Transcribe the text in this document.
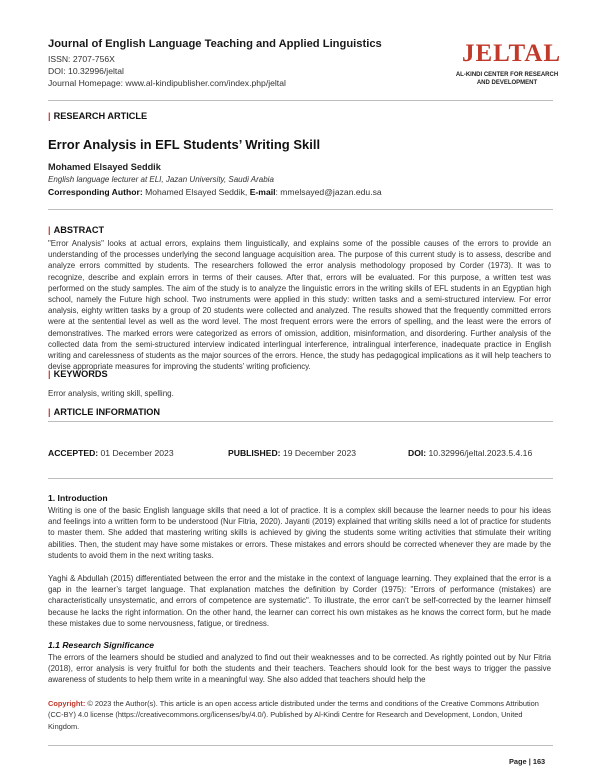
Journal of English Language Teaching and Applied Linguistics
ISSN: 2707-756X
DOI: 10.32996/jeltal
Journal Homepage: www.al-kindipublisher.com/index.php/jeltal
JELTAL
AL-KINDI CENTER FOR RESEARCH
AND DEVELOPMENT
| RESEARCH ARTICLE
Error Analysis in EFL Students’ Writing Skill
Mohamed Elsayed Seddik
English language lecturer at ELI, Jazan University, Saudi Arabia
Corresponding Author: Mohamed Elsayed Seddik, E-mail: mmelsayed@jazan.edu.sa
| ABSTRACT
"Error Analysis" looks at actual errors, explains them linguistically, and explains some of the possible causes of the errors to provide an understanding of the processes underlying the second language acquisition area. The purpose of this current study is to assess, describe and analyze errors committed by students. The researchers followed the error analysis methodology proposed by Corder (1973). It was to recognize, describe and explain errors in terms of their causes. After that, errors will be evaluated. For this purpose, a written test was performed on the study samples. The aim of the study is to analyze the linguistic errors in the writing skills of EFL students in an Egyptian high school, namely the Future high school. Two instruments were applied in this study: written tasks and a semi-structured interview. For error analysis, eighty written tasks by a group of 20 students were collected and analyzed. The results showed that the frequently committed errors were at the sentential level as well as the word level. The most frequent errors were the errors of spelling, and the least were the errors of demonstratives. The marked errors were categorized as errors of omission, addition, misinformation, and disordering. Further analysis of the collected data from the semi-structured interview indicated interlingual interference, intralingual interference, inadequate practice in English writing and carelessness of students as the major sources of the errors. Hence, the study has pedagogical implications as it will help teachers to devise appropriate measures for improving the students’ writing proficiency.
| KEYWORDS
Error analysis, writing skill, spelling.
| ARTICLE INFORMATION
ACCEPTED: 01 December 2023	PUBLISHED: 19 December 2023	DOI: 10.32996/jeltal.2023.5.4.16
1. Introduction
Writing is one of the basic English language skills that need a lot of practice. It is a complex skill because the learner needs to pour his ideas and feelings into a written form to be understood (Nur Fitria, 2020). Jayanti (2019) explained that writing skills need a lot of practice for students to master them. She added that mastering writing skills is achieved by giving the students some writing activities that stimulate their writing abilities. Then, the student may have some mistakes or errors. These mistakes and errors should be corrected whenever they are made by the students to avoid them in the next writing tasks.
Yaghi & Abdullah (2015) differentiated between the error and the mistake in the context of language learning. They explained that the error is a gap in the learner’s target language. That explanation matches the definition by Corder (1975): "Errors of performance (mistakes) are characteristically unsystematic, and errors of competence are systematic". To illustrate, the error can’t be self-corrected by the learner himself because he lacks the right information. On the other hand, the learner can correct his own mistakes as he knows the correct form, but he made these mistakes due to some nervousness, fatigue, or tiredness.
1.1 Research Significance
The errors of the learners should be studied and analyzed to find out their weaknesses and to be corrected. As rightly pointed out by Nur Fitria (2018), error analysis is very fruitful for both the students and their teachers. Teachers should look for the best ways to trigger the passive awareness of students to help them write in a meaningful way. She also added that teachers should help the
Copyright: © 2023 the Author(s). This article is an open access article distributed under the terms and conditions of the Creative Commons Attribution (CC-BY) 4.0 license (https://creativecommons.org/licenses/by/4.0/). Published by Al-Kindi Centre for Research and Development, London, United Kingdom.
Page | 163
